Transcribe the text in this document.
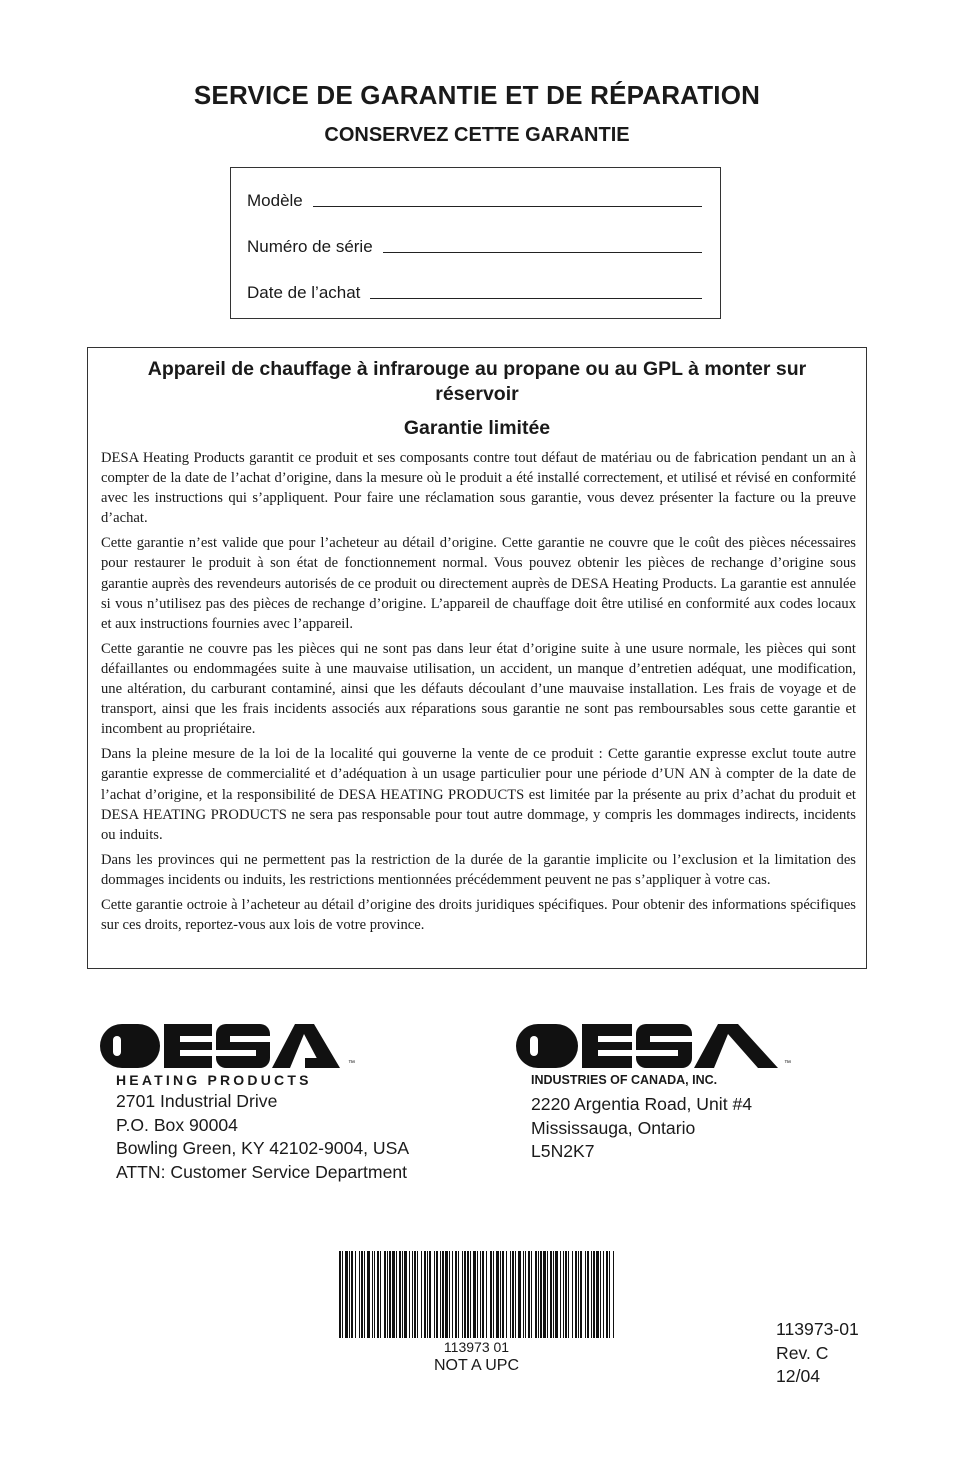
SERVICE DE GARANTIE ET DE RÉPARATION
CONSERVEZ CETTE GARANTIE
Modèle
Numéro de série
Date de l’achat
Appareil de chauffage à infrarouge au propane ou au GPL à monter sur réservoir
Garantie limitée

DESA Heating Products garantit ce produit et ses composants contre tout défaut de matériau ou de fabrication pendant un an à compter de la date de l’achat d’origine, dans la mesure où le produit a été installé correctement, et utilisé et révisé en conformité avec les instructions qui s’appliquent. Pour faire une réclamation sous garantie, vous devez présenter la facture ou la preuve d’achat.

Cette garantie n’est valide que pour l’acheteur au détail d’origine. Cette garantie ne couvre que le coût des pièces nécessaires pour restaurer le produit à son état de fonctionnement normal. Vous pouvez obtenir les pièces de rechange d’origine sous garantie auprès des revendeurs autorisés de ce produit ou directement auprès de DESA Heating Products. La garantie est annulée si vous n’utilisez pas des pièces de rechange d’origine. L’appareil de chauffage doit être utilisé en conformité aux codes locaux et aux instructions fournies avec l’appareil.

Cette garantie ne couvre pas les pièces qui ne sont pas dans leur état d’origine suite à une usure normale, les pièces qui sont défaillantes ou endommagées suite à une mauvaise utilisation, un accident, un manque d’entretien adéquat, une modification, une altération, du carburant contaminé, ainsi que les défauts découlant d’une mauvaise installation. Les frais de voyage et de transport, ainsi que les frais incidents associés aux réparations sous garantie ne sont pas remboursables sous cette garantie et incombent au propriétaire.

Dans la pleine mesure de la loi de la localité qui gouverne la vente de ce produit : Cette garantie expresse exclut toute autre garantie expresse de commercialité et d’adéquation à un usage particulier pour une période d’UN AN à compter de la date de l’achat d’origine, et la responsibilité de DESA HEATING PRODUCTS est limitée par la présente au prix d’achat du produit et DESA HEATING PRODUCTS ne sera pas responsable pour tout autre dommage, y compris les dommages indirects, incidents ou induits.

Dans les provinces qui ne permettent pas la restriction de la durée de la garantie implicite ou l’exclusion et la limitation des dommages incidents ou induits, les restrictions mentionnées précédemment peuvent ne pas s’appliquer à votre cas.

Cette garantie octroie à l’acheteur au détail d’origine des droits juridiques spécifiques. Pour obtenir des informations spécifiques sur ces droits, reportez-vous aux lois de votre province.

™
HEATING PRODUCTS
™
INDUSTRIES OF CANADA, INC.
2701 Industrial Drive
P.O. Box 90004
Bowling Green, KY 42102-9004, USA
ATTN: Customer Service Department
2220 Argentia Road, Unit #4
Mississauga, Ontario
L5N2K7
113973 01
NOT A UPC
113973-01
Rev. C
12/04
